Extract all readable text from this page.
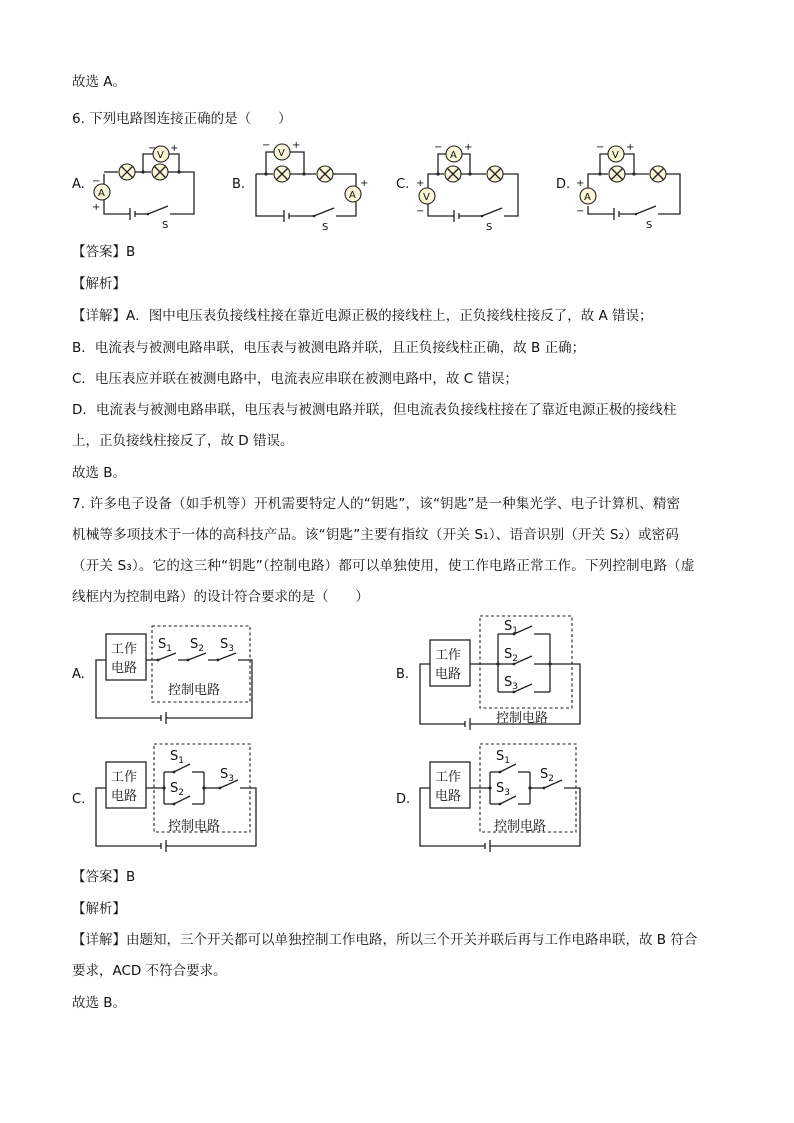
故选 A。
6. 下列电路图连接正确的是（　　）
A.	B.	C.	D.
S
V
− +
A
−
+
S
A
+
V
− +
S
V
+
−
A
− +
S
A
+
−
V
− +
【答案】B
【解析】
【详解】A．图中电压表负接线柱接在靠近电源正极的接线柱上，正负接线柱接反了，故 A 错误；
B．电流表与被测电路串联，电压表与被测电路并联，且正负接线柱正确，故 B 正确；
C．电压表应并联在被测电路中，电流表应串联在被测电路中，故 C 错误；
D．电流表与被测电路串联，电压表与被测电路并联，但电流表负接线柱接在了靠近电源正极的接线柱
上，正负接线柱接反了，故 D 错误。
故选 B。
7. 许多电子设备（如手机等）开机需要特定人的“钥匙”，该“钥匙”是一种集光学、电子计算机、精密
机械等多项技术于一体的高科技产品。该“钥匙”主要有指纹（开关 S₁）、语音识别（开关 S₂）或密码
（开关 S₃）。它的这三种“钥匙”（控制电路）都可以单独使用，使工作电路正常工作。下列控制电路（虚
线框内为控制电路）的设计符合要求的是（　　）
A.	B.
C.	D.
工作
电路
$S_1$ $S_2$ $S_3$
控制电路
工作
电路
$S_1$
$S_2$
$S_3$
控制电路
工作
电路
$S_1$
$S_2$
$S_3$
控制电路
工作
电路
$S_1$
$S_3$
$S_2$
控制电路
【答案】B
【解析】
【详解】由题知，三个开关都可以单独控制工作电路，所以三个开关并联后再与工作电路串联，故 B 符合
要求，ACD 不符合要求。
故选 B。
